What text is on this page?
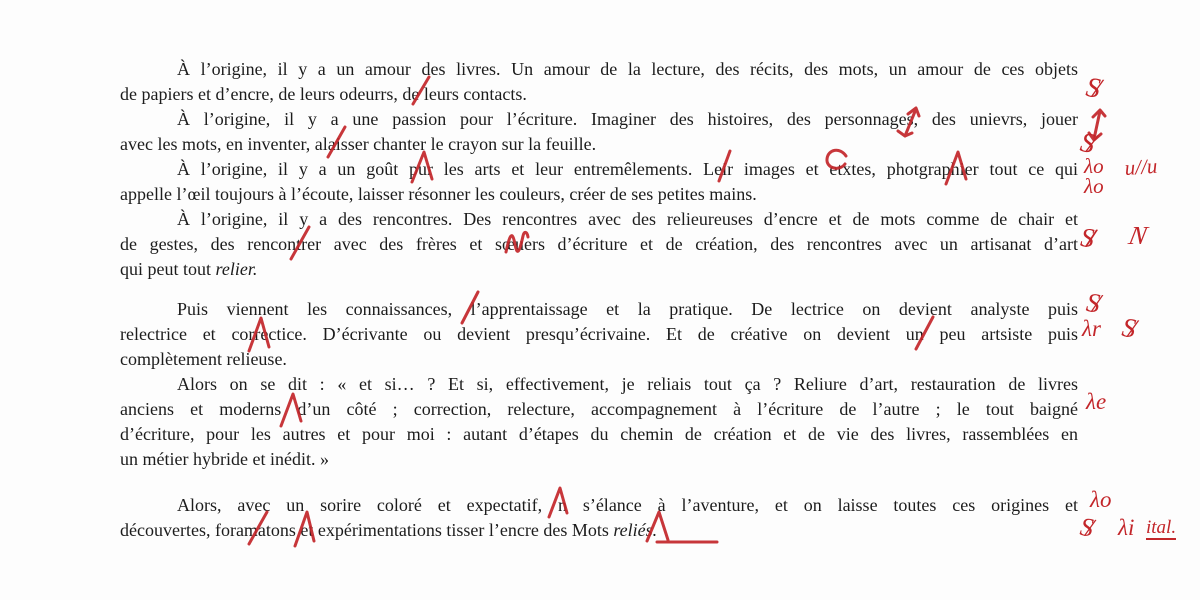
À l’origine, il y a un amour des livres. Un amour de la lecture, des récits, des mots, un amour de ces objets
de papiers et d’encre, de leurs odeurrs, de leurs contacts.
À l’origine, il y a une passion pour l’écriture. Imaginer des histoires, des personnages, des unievrs, jouer
avec les mots, en inventer, alaisser chanter le crayon sur la feuille.
À l’origine, il y a un goût pur les arts et leur entremêlements. Leir images et etxtes, photgraphier tout ce qui
appelle l’œil toujours à l’écoute, laisser résonner les couleurs, créer de ses petites mains.
À l’origine, il y a des rencontres. Des rencontres avec des relieureuses d’encre et de mots comme de chair et
de gestes, des rencontrer avec des frères et sœuers d’écriture et de création, des rencontres avec un artisanat d’art
qui peut tout relier.
Puis viennent les connaissances, l’apprentaissage et la pratique. De lectrice on devient analyste puis
relectrice et correctice. D’écrivante ou devient presqu’écrivaine. Et de créative on devient un peu artsiste puis
complètement relieuse.
Alors on se dit : « et si… ? Et si, effectivement, je reliais tout ça ? Reliure d’art, restauration de livres
anciens et moderns d’un côté ; correction, relecture, accompagnement à l’écriture de l’autre ; le tout baigné
d’écriture, pour les autres et pour moi : autant d’étapes du chemin de création et de vie des livres, rassemblées en
un métier hybride et inédit. »
Alors, avec un sorire coloré et expectatif, n s’élance à l’aventure, et on laisse toutes ces origines et
découvertes, foramatons et expérimentations tisser l’encre des Mots reliés.
S/
S/
λo
λo
u//u
S// N
S/
λr S/
λe
λo
S/ λi ital.
